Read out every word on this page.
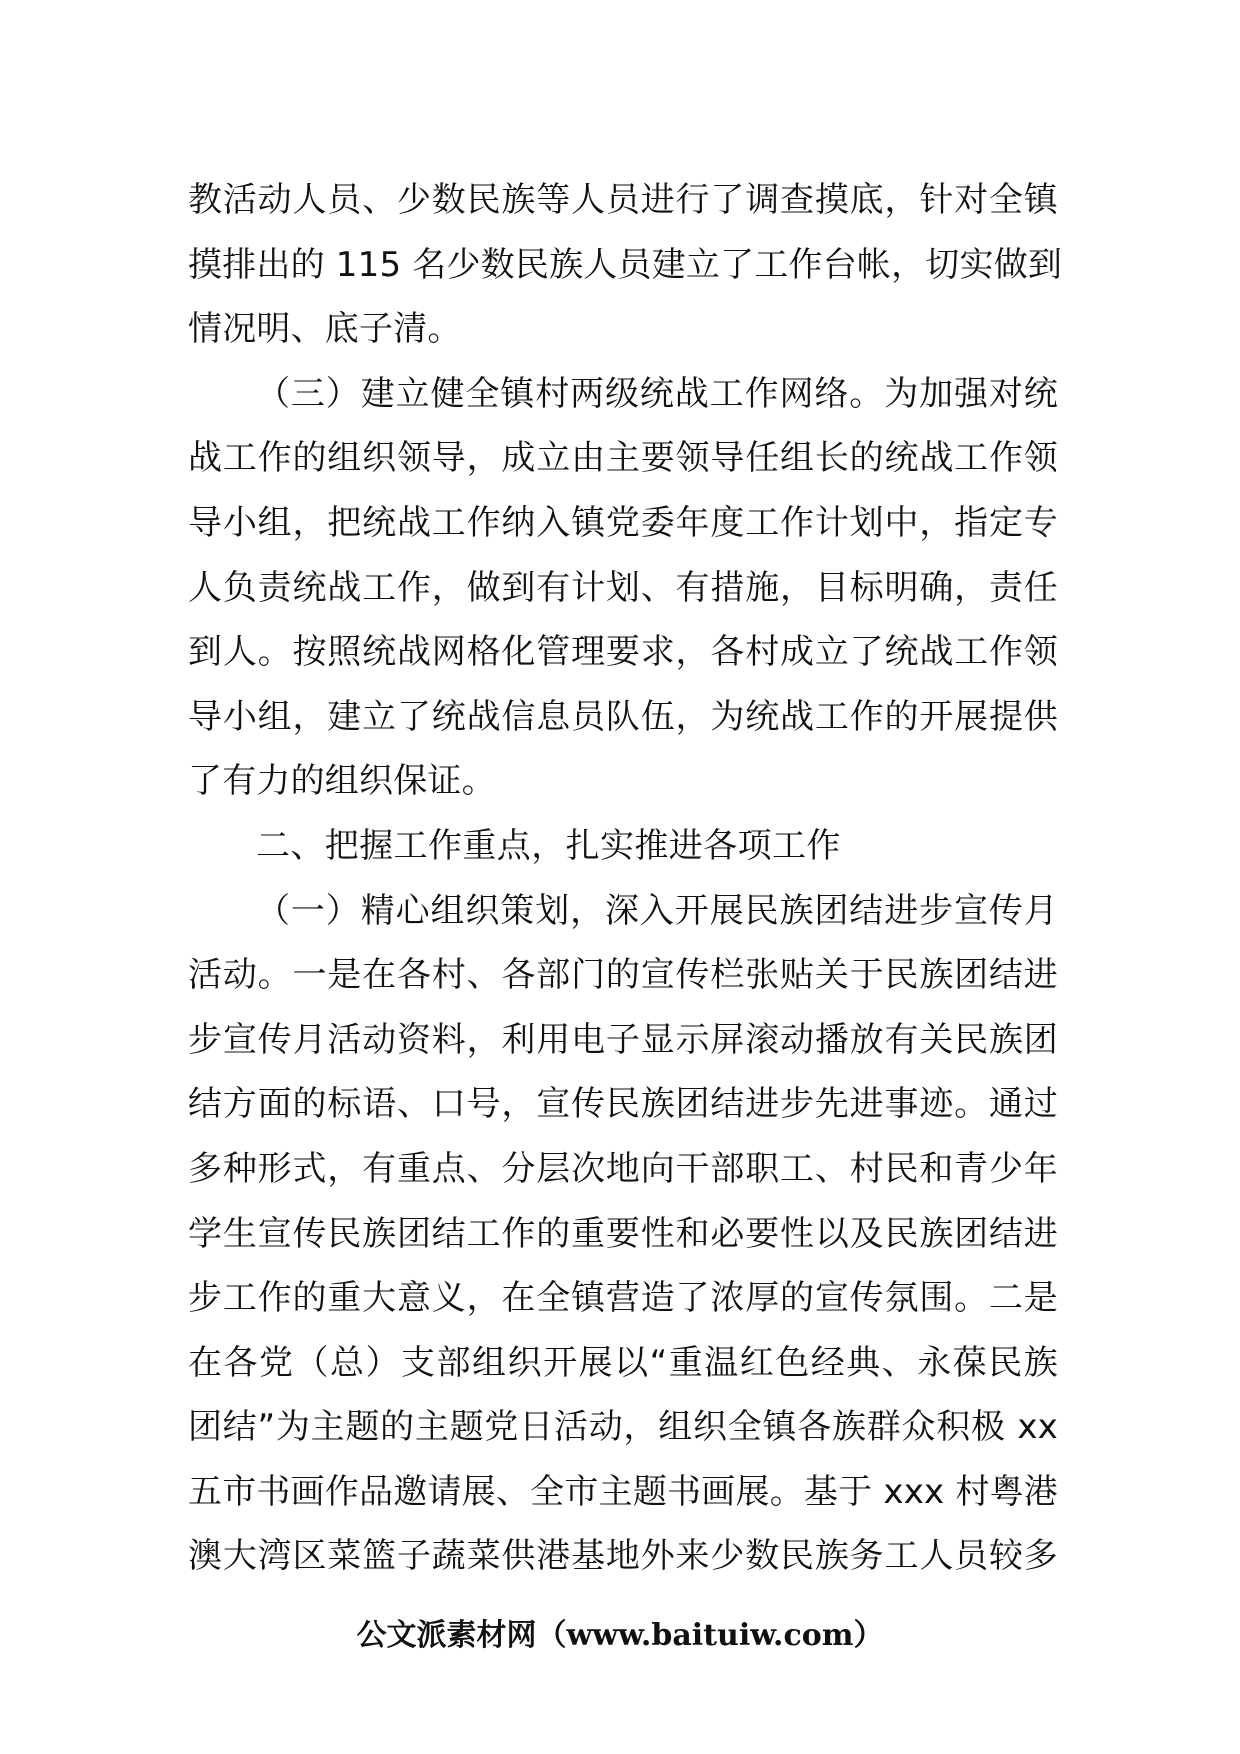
教活动人员、少数民族等人员进行了调查摸底，针对全镇
摸排出的 115 名少数民族人员建立了工作台帐，切实做到
情况明、底子清。
（三）建立健全镇村两级统战工作网络。为加强对统
战工作的组织领导，成立由主要领导任组长的统战工作领
导小组，把统战工作纳入镇党委年度工作计划中，指定专
人负责统战工作，做到有计划、有措施，目标明确，责任
到人。按照统战网格化管理要求，各村成立了统战工作领
导小组，建立了统战信息员队伍，为统战工作的开展提供
了有力的组织保证。
二、把握工作重点，扎实推进各项工作
（一）精心组织策划，深入开展民族团结进步宣传月
活动。一是在各村、各部门的宣传栏张贴关于民族团结进
步宣传月活动资料，利用电子显示屏滚动播放有关民族团
结方面的标语、口号，宣传民族团结进步先进事迹。通过
多种形式，有重点、分层次地向干部职工、村民和青少年
学生宣传民族团结工作的重要性和必要性以及民族团结进
步工作的重大意义，在全镇营造了浓厚的宣传氛围。二是
在各党（总）支部组织开展以“重温红色经典、永葆民族
团结”为主题的主题党日活动，组织全镇各族群众积极 xx
五市书画作品邀请展、全市主题书画展。基于 xxx 村粤港
澳大湾区菜篮子蔬菜供港基地外来少数民族务工人员较多
公文派素材网（www.baitu​iw.com）
